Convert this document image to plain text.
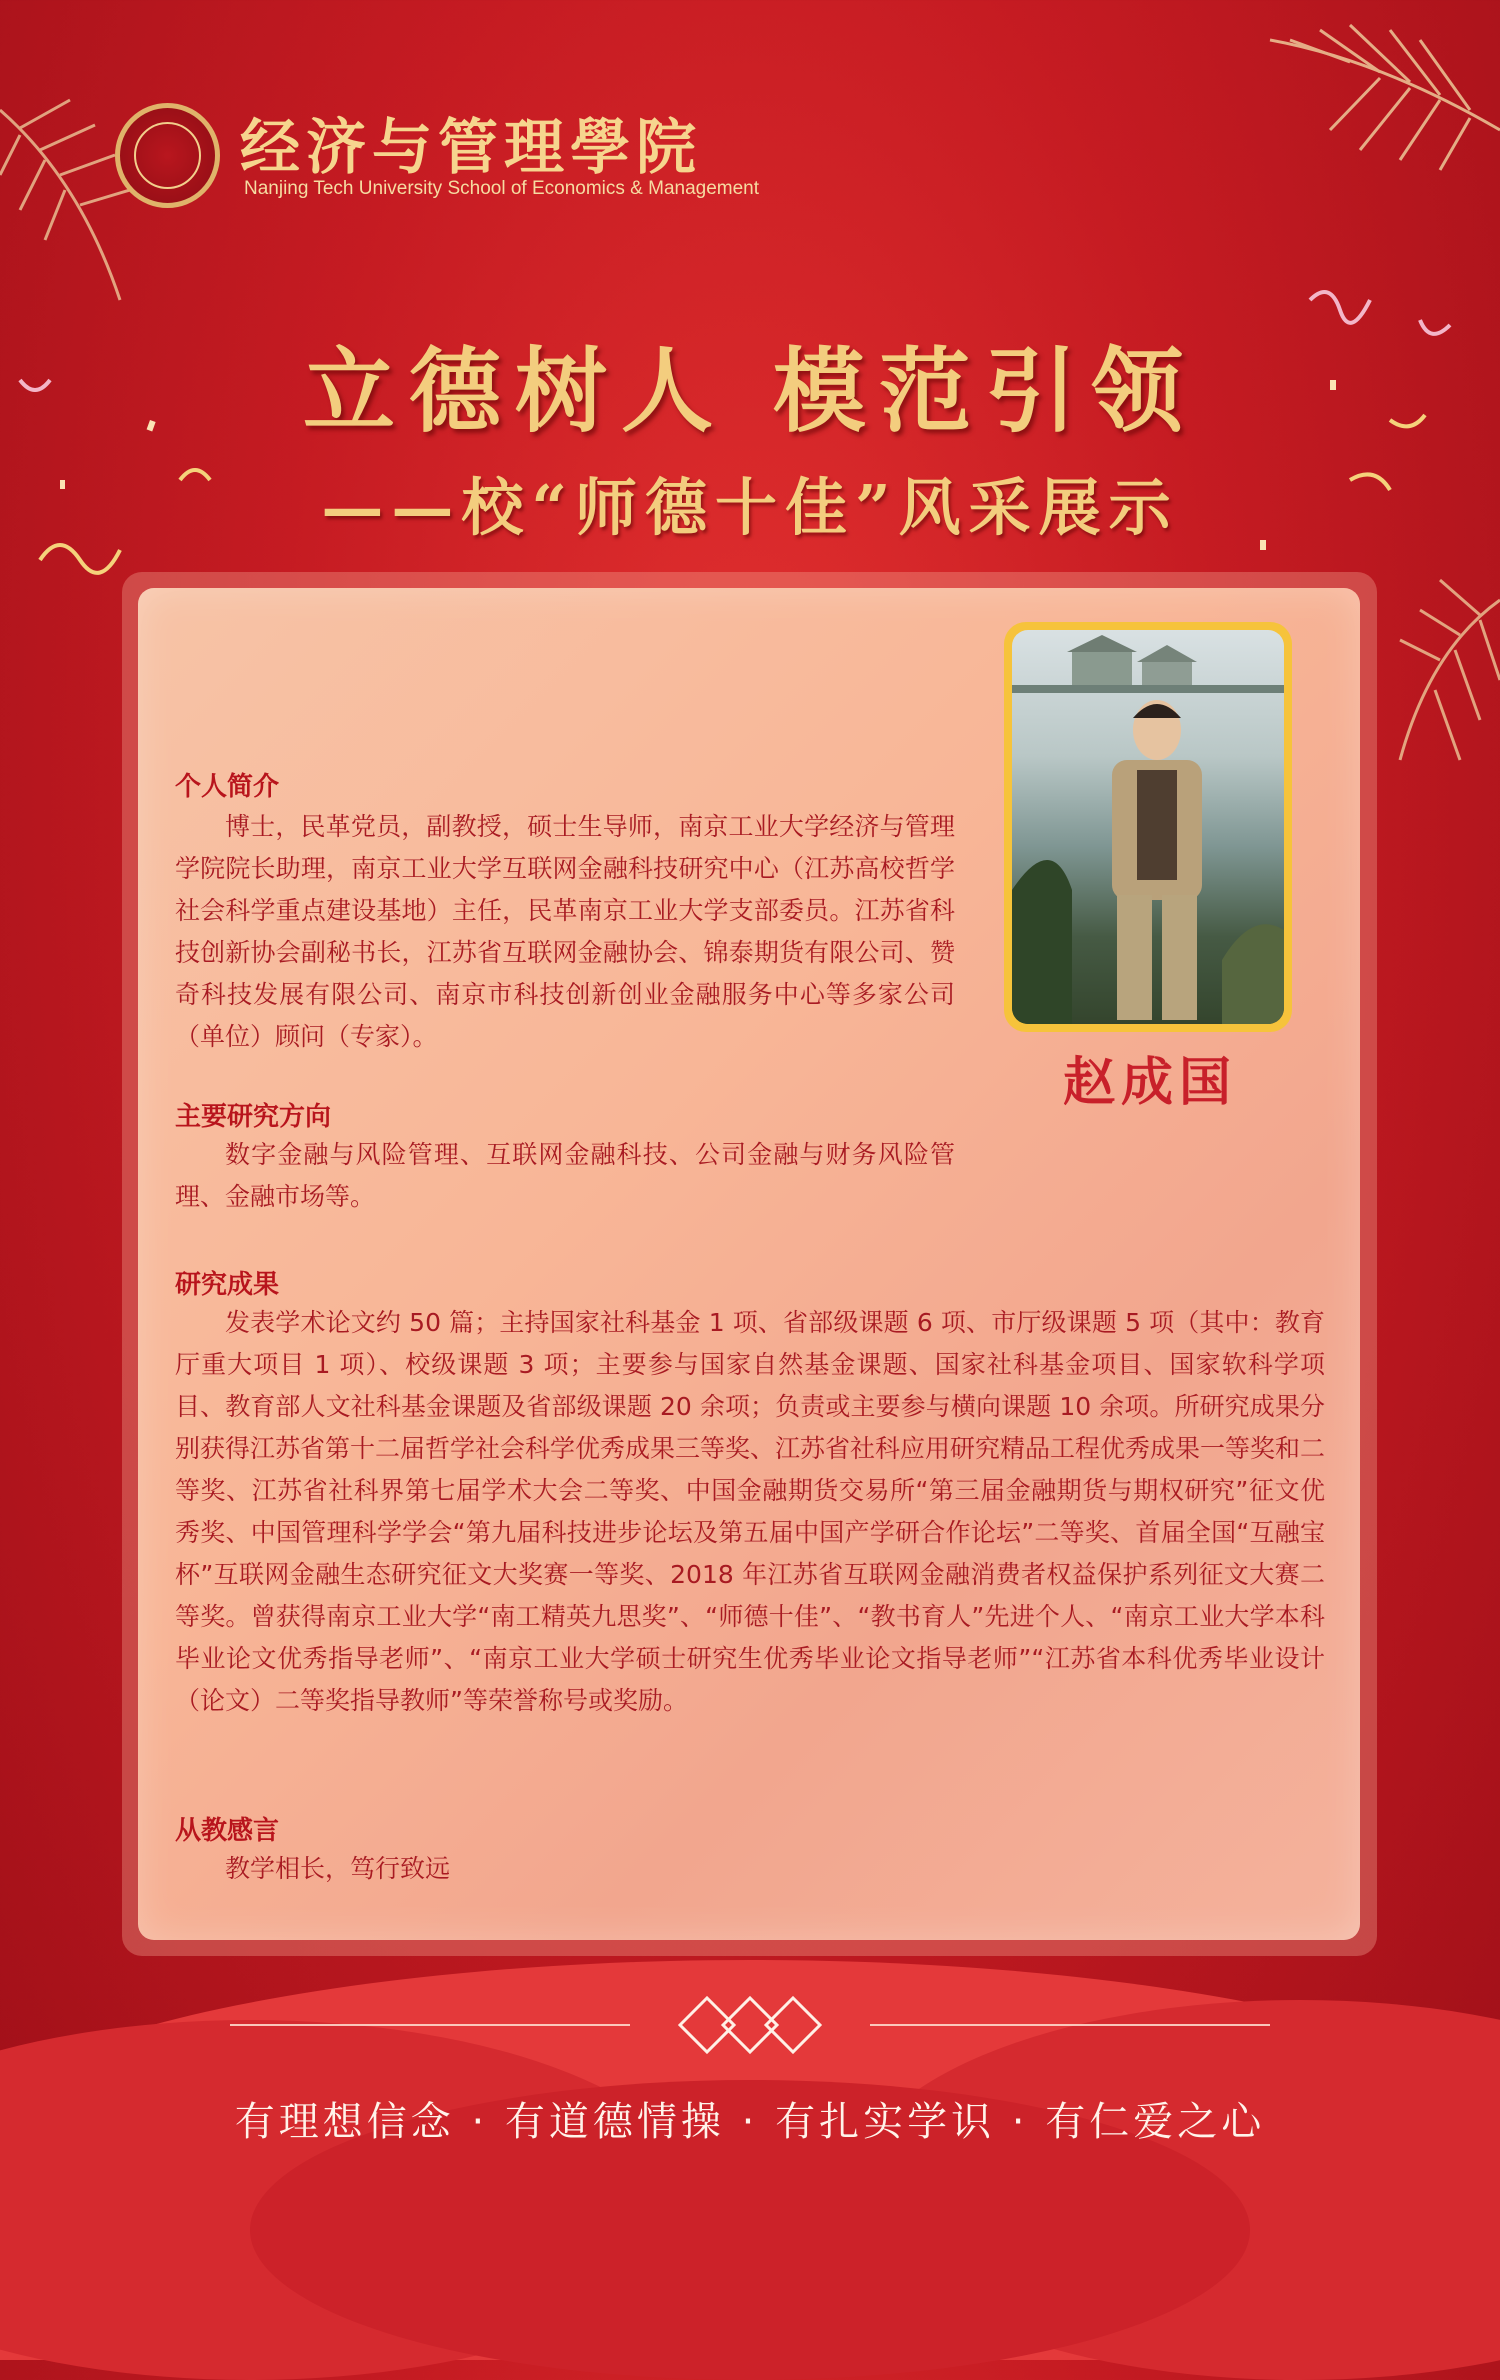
经济与管理學院
Nanjing Tech University School of Economics & Management
立德树人 模范引领
——校“师德十佳”风采展示
赵成国
个人简介
博士，民革党员，副教授，硕士生导师，南京工业大学经济与管理学院院长助理，南京工业大学互联网金融科技研究中心（江苏高校哲学社会科学重点建设基地）主任，民革南京工业大学支部委员。江苏省科技创新协会副秘书长，江苏省互联网金融协会、锦泰期货有限公司、赞奇科技发展有限公司、南京市科技创新创业金融服务中心等多家公司（单位）顾问（专家）。
主要研究方向
数字金融与风险管理、互联网金融科技、公司金融与财务风险管理、金融市场等。
研究成果
发表学术论文约 50 篇；主持国家社科基金 1 项、省部级课题 6 项、市厅级课题 5 项（其中：教育厅重大项目 1 项）、校级课题 3 项；主要参与国家自然基金课题、国家社科基金项目、国家软科学项目、教育部人文社科基金课题及省部级课题 20 余项；负责或主要参与横向课题 10 余项。所研究成果分别获得江苏省第十二届哲学社会科学优秀成果三等奖、江苏省社科应用研究精品工程优秀成果一等奖和二等奖、江苏省社科界第七届学术大会二等奖、中国金融期货交易所“第三届金融期货与期权研究”征文优秀奖、中国管理科学学会“第九届科技进步论坛及第五届中国产学研合作论坛”二等奖、首届全国“互融宝杯”互联网金融生态研究征文大奖赛一等奖、2018 年江苏省互联网金融消费者权益保护系列征文大赛二等奖。曾获得南京工业大学“南工精英九思奖”、“师德十佳”、“教书育人”先进个人、“南京工业大学本科毕业论文优秀指导老师”、“南京工业大学硕士研究生优秀毕业论文指导老师”“江苏省本科优秀毕业设计（论文）二等奖指导教师”等荣誉称号或奖励。
从教感言
教学相长，笃行致远
有理想信念 · 有道德情操 · 有扎实学识 · 有仁爱之心
